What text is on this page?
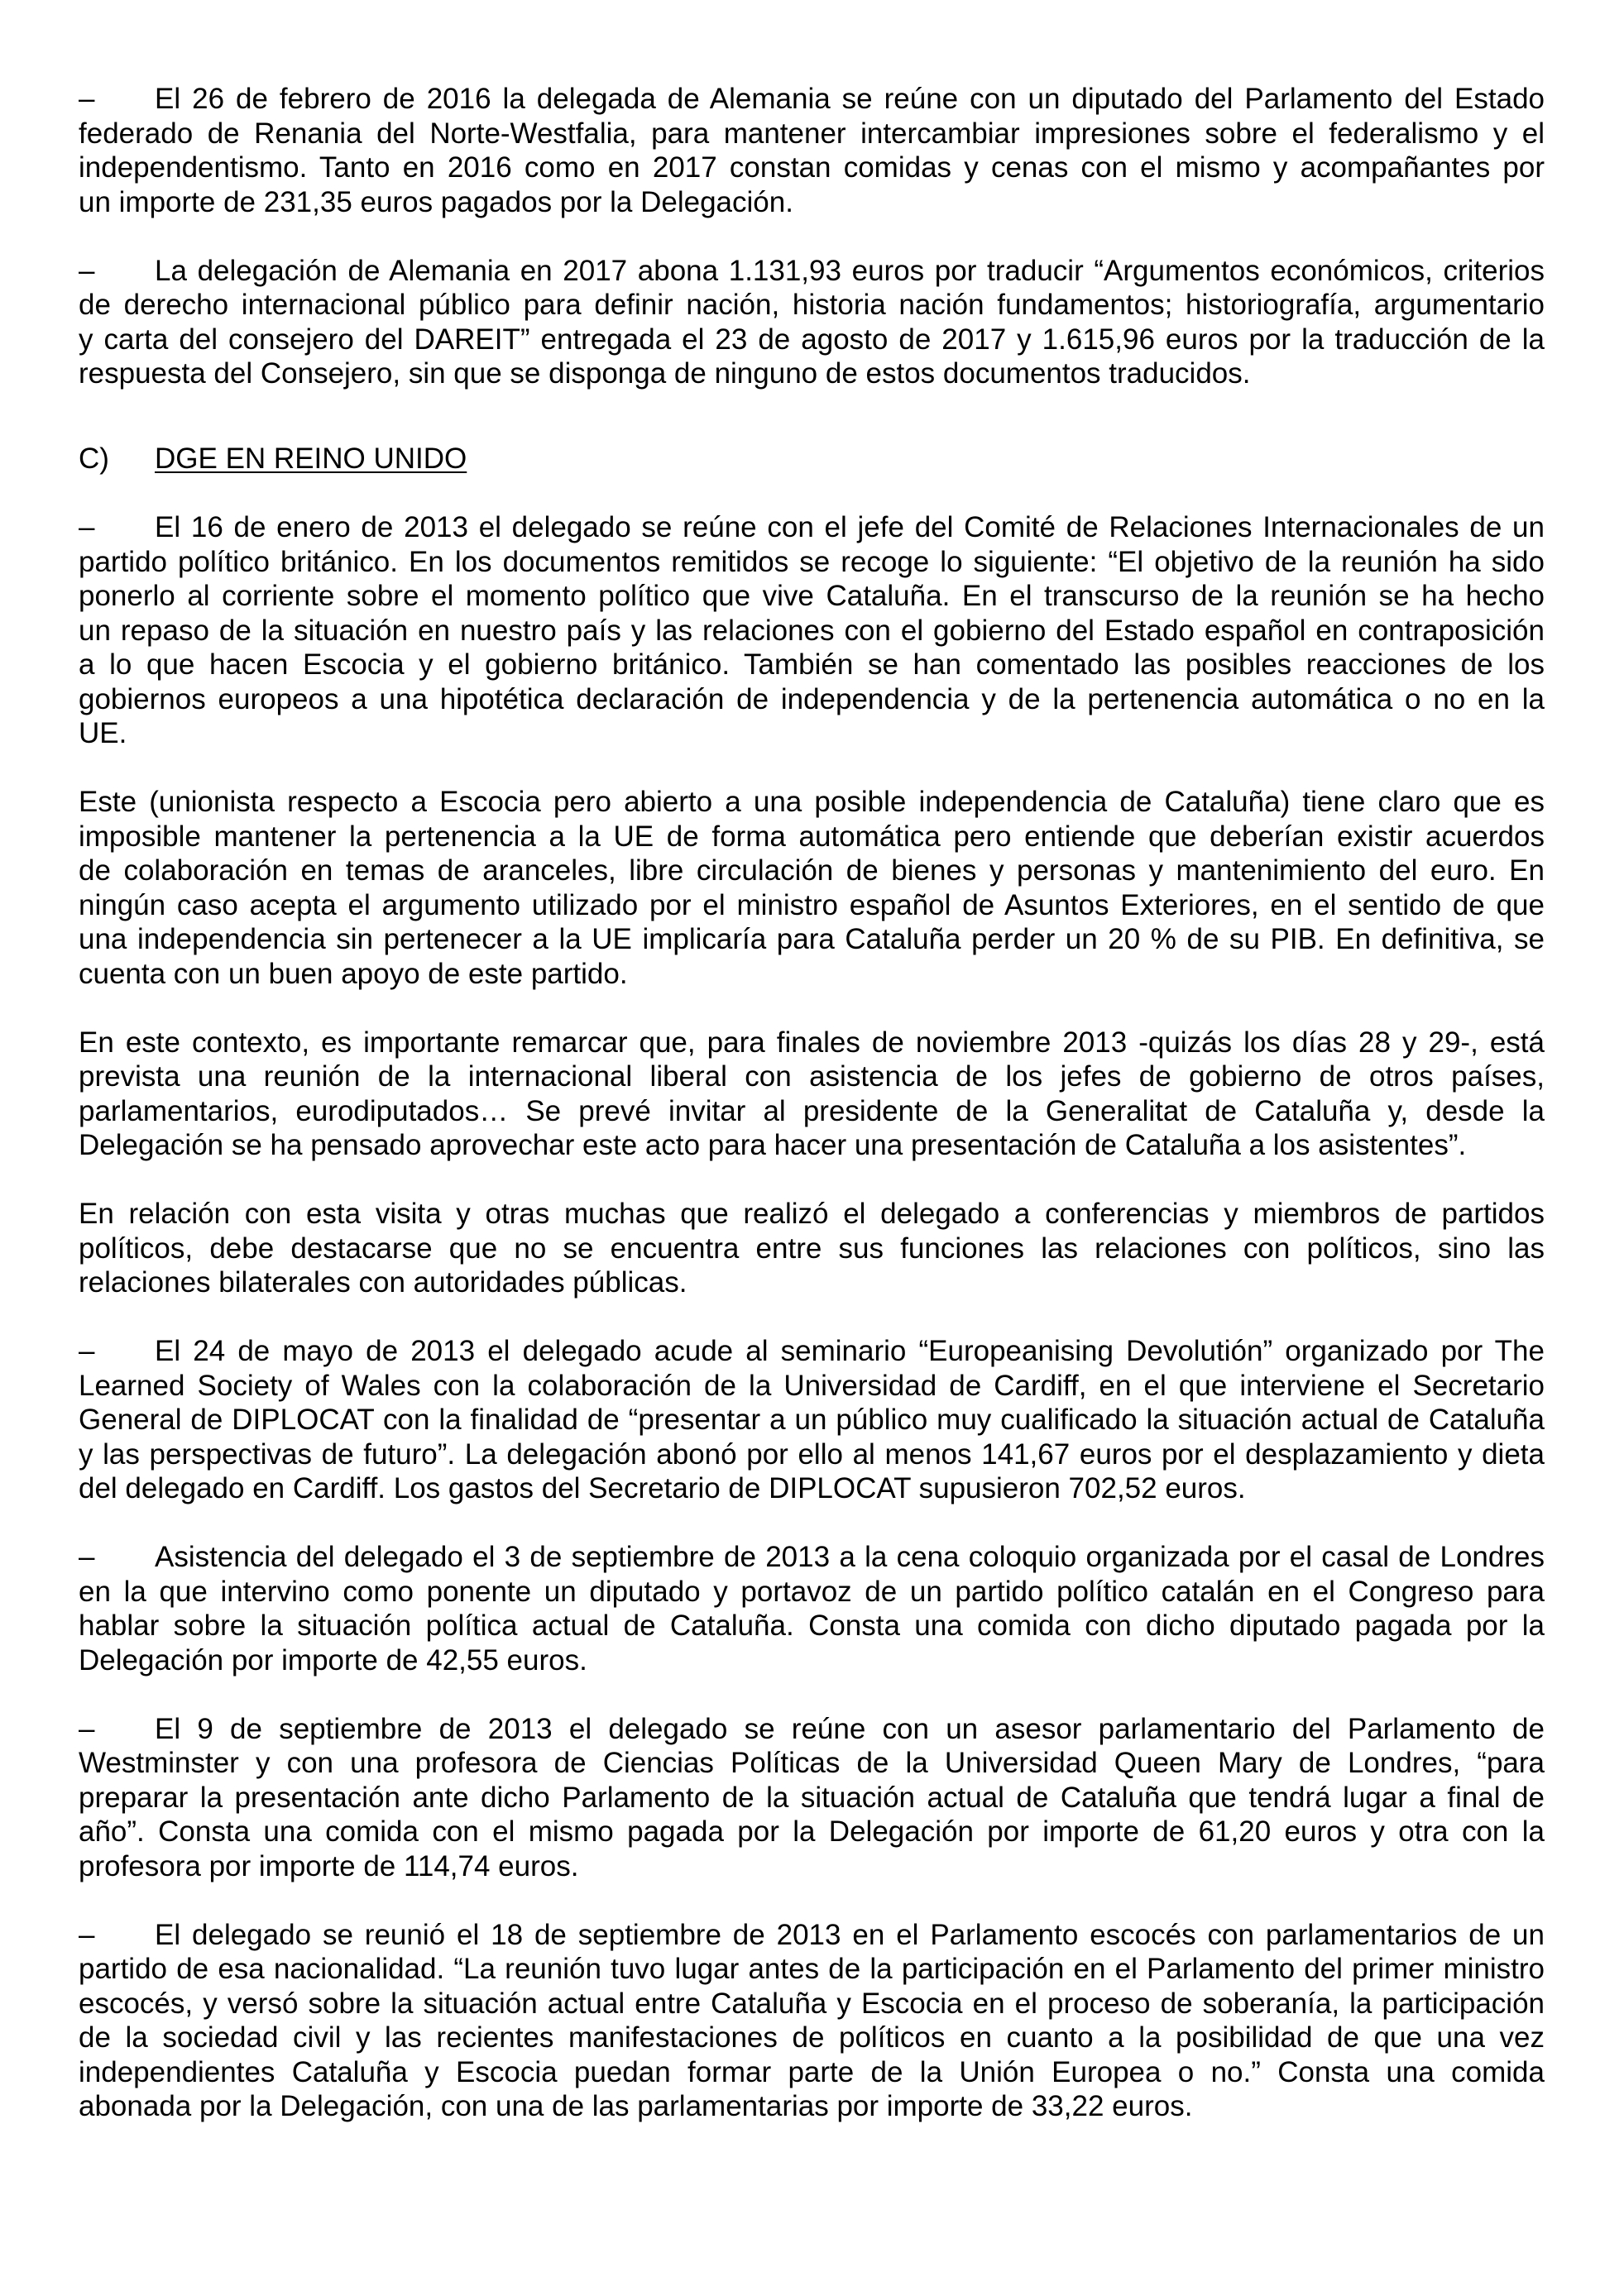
– El 26 de febrero de 2016 la delegada de Alemania se reúne con un diputado del Parlamento del Estado
federado de Renania del Norte-Westfalia, para mantener intercambiar impresiones sobre el federalismo y el
independentismo. Tanto en 2016 como en 2017 constan comidas y cenas con el mismo y acompañantes por
un importe de 231,35 euros pagados por la Delegación.
– La delegación de Alemania en 2017 abona 1.131,93 euros por traducir “Argumentos económicos, criterios
de derecho internacional público para definir nación, historia nación fundamentos; historiografía, argumentario
y carta del consejero del DAREIT” entregada el 23 de agosto de 2017 y 1.615,96 euros por la traducción de la
respuesta del Consejero, sin que se disponga de ninguno de estos documentos traducidos.
C) DGE EN REINO UNIDO
– El 16 de enero de 2013 el delegado se reúne con el jefe del Comité de Relaciones Internacionales de un
partido político británico. En los documentos remitidos se recoge lo siguiente: “El objetivo de la reunión ha sido
ponerlo al corriente sobre el momento político que vive Cataluña. En el transcurso de la reunión se ha hecho
un repaso de la situación en nuestro país y las relaciones con el gobierno del Estado español en contraposición
a lo que hacen Escocia y el gobierno británico. También se han comentado las posibles reacciones de los
gobiernos europeos a una hipotética declaración de independencia y de la pertenencia automática o no en la
UE.
Este (unionista respecto a Escocia pero abierto a una posible independencia de Cataluña) tiene claro que es
imposible mantener la pertenencia a la UE de forma automática pero entiende que deberían existir acuerdos
de colaboración en temas de aranceles, libre circulación de bienes y personas y mantenimiento del euro. En
ningún caso acepta el argumento utilizado por el ministro español de Asuntos Exteriores, en el sentido de que
una independencia sin pertenecer a la UE implicaría para Cataluña perder un 20 % de su PIB. En definitiva, se
cuenta con un buen apoyo de este partido.
En este contexto, es importante remarcar que, para finales de noviembre 2013 -quizás los días 28 y 29-, está
prevista una reunión de la internacional liberal con asistencia de los jefes de gobierno de otros países,
parlamentarios, eurodiputados… Se prevé invitar al presidente de la Generalitat de Cataluña y, desde la
Delegación se ha pensado aprovechar este acto para hacer una presentación de Cataluña a los asistentes”.
En relación con esta visita y otras muchas que realizó el delegado a conferencias y miembros de partidos
políticos, debe destacarse que no se encuentra entre sus funciones las relaciones con políticos, sino las
relaciones bilaterales con autoridades públicas.
– El 24 de mayo de 2013 el delegado acude al seminario “Europeanising Devolutión” organizado por The
Learned Society of Wales con la colaboración de la Universidad de Cardiff, en el que interviene el Secretario
General de DIPLOCAT con la finalidad de “presentar a un público muy cualificado la situación actual de Cataluña
y las perspectivas de futuro”. La delegación abonó por ello al menos 141,67 euros por el desplazamiento y dieta
del delegado en Cardiff. Los gastos del Secretario de DIPLOCAT supusieron 702,52 euros.
– Asistencia del delegado el 3 de septiembre de 2013 a la cena coloquio organizada por el casal de Londres
en la que intervino como ponente un diputado y portavoz de un partido político catalán en el Congreso para
hablar sobre la situación política actual de Cataluña. Consta una comida con dicho diputado pagada por la
Delegación por importe de 42,55 euros.
– El 9 de septiembre de 2013 el delegado se reúne con un asesor parlamentario del Parlamento de
Westminster y con una profesora de Ciencias Políticas de la Universidad Queen Mary de Londres, “para
preparar la presentación ante dicho Parlamento de la situación actual de Cataluña que tendrá lugar a final de
año”. Consta una comida con el mismo pagada por la Delegación por importe de 61,20 euros y otra con la
profesora por importe de 114,74 euros.
– El delegado se reunió el 18 de septiembre de 2013 en el Parlamento escocés con parlamentarios de un
partido de esa nacionalidad. “La reunión tuvo lugar antes de la participación en el Parlamento del primer ministro
escocés, y versó sobre la situación actual entre Cataluña y Escocia en el proceso de soberanía, la participación
de la sociedad civil y las recientes manifestaciones de políticos en cuanto a la posibilidad de que una vez
independientes Cataluña y Escocia puedan formar parte de la Unión Europea o no.” Consta una comida
abonada por la Delegación, con una de las parlamentarias por importe de 33,22 euros.
